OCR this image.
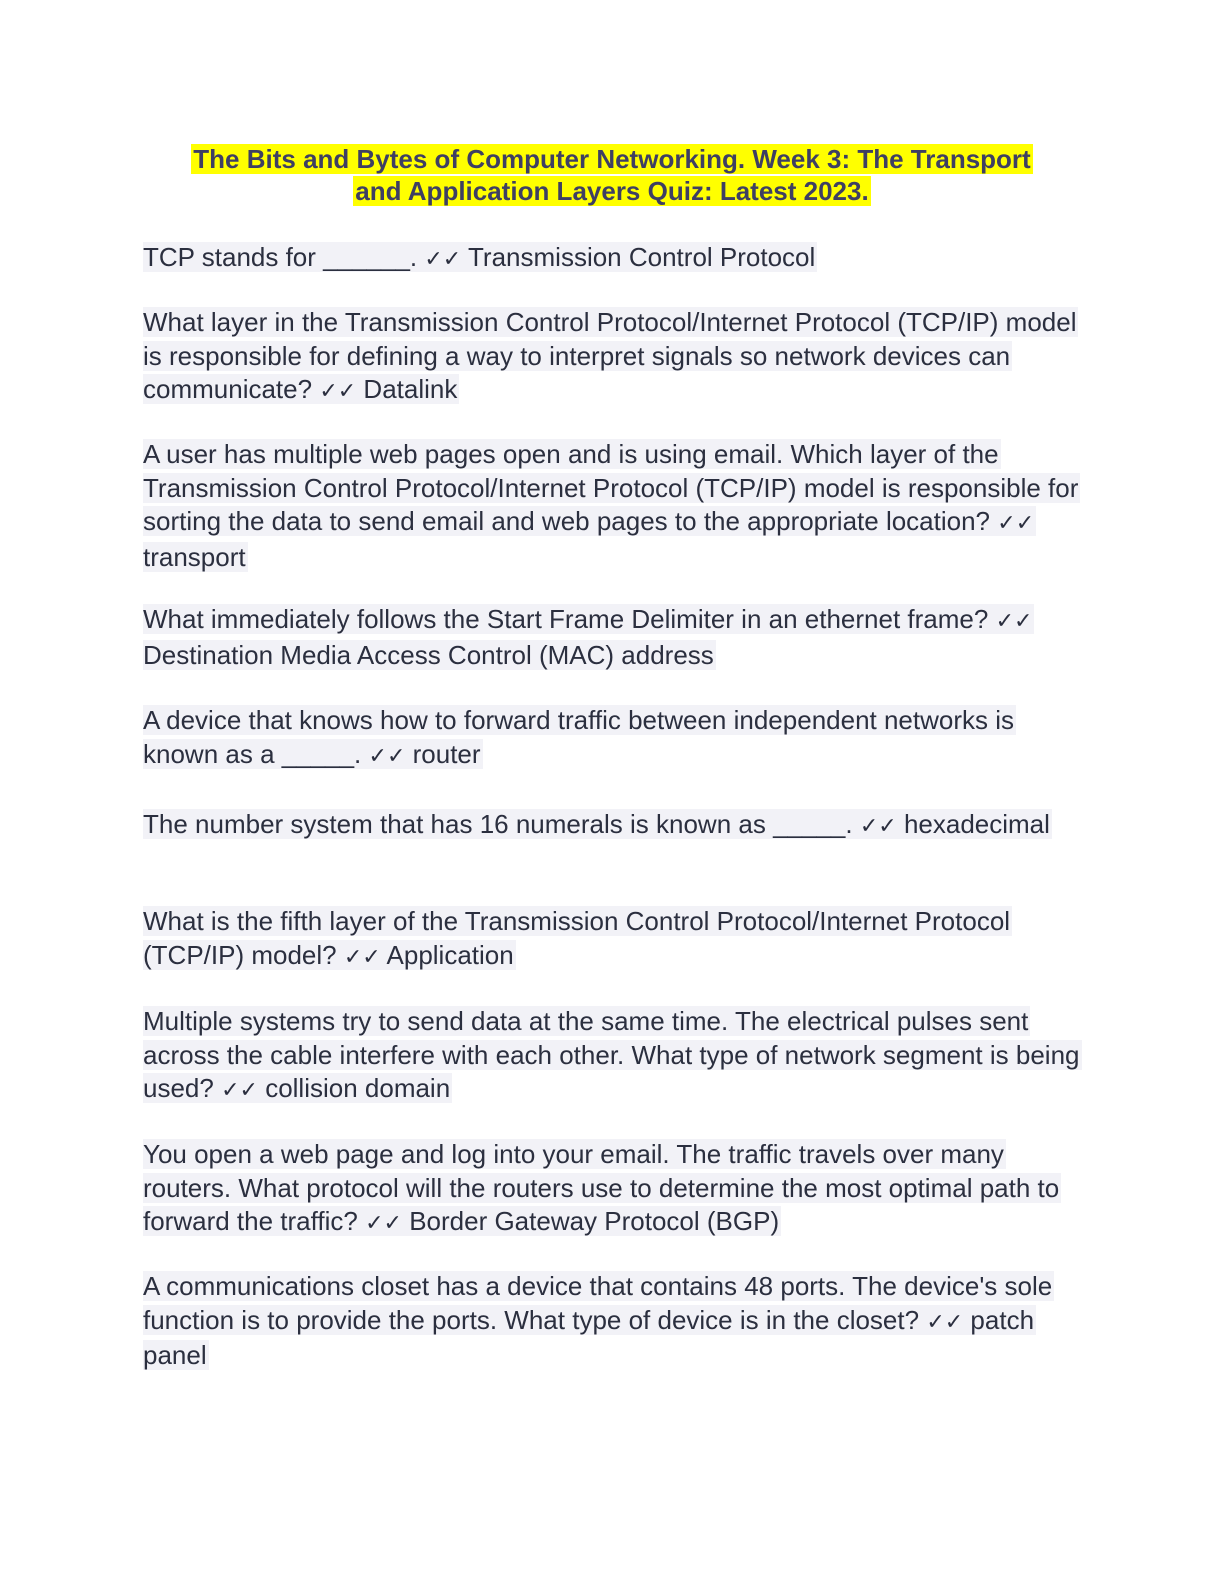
The Bits and Bytes of Computer Networking. Week 3: The Transport
and Application Layers Quiz: Latest 2023.

TCP stands for ______. ✓✓ Transmission Control Protocol

What layer in the Transmission Control Protocol/Internet Protocol (TCP/IP) model is responsible for defining a way to interpret signals so network devices can communicate? ✓✓ Datalink

A user has multiple web pages open and is using email. Which layer of the Transmission Control Protocol/Internet Protocol (TCP/IP) model is responsible for sorting the data to send email and web pages to the appropriate location? ✓✓ transport

What immediately follows the Start Frame Delimiter in an ethernet frame? ✓✓ Destination Media Access Control (MAC) address

A device that knows how to forward traffic between independent networks is known as a _____. ✓✓ router

The number system that has 16 numerals is known as _____. ✓✓ hexadecimal

What is the fifth layer of the Transmission Control Protocol/Internet Protocol (TCP/IP) model? ✓✓ Application

Multiple systems try to send data at the same time. The electrical pulses sent across the cable interfere with each other. What type of network segment is being used? ✓✓ collision domain

You open a web page and log into your email. The traffic travels over many routers. What protocol will the routers use to determine the most optimal path to forward the traffic? ✓✓ Border Gateway Protocol (BGP)

A communications closet has a device that contains 48 ports. The device's sole function is to provide the ports. What type of device is in the closet? ✓✓ patch panel
